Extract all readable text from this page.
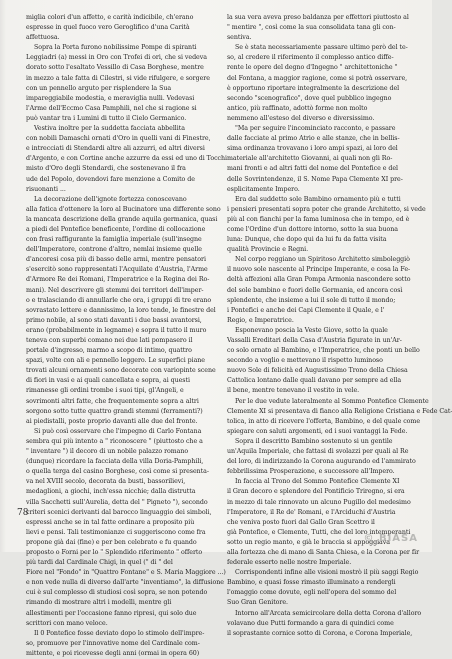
miglia colori d'un affetto, e carità indicibile, ch'erano
espresse in quel fuoco vero Geroglifico d'una Carità
affettuosa.
Sopra la Porta furono nobilissime Pompe di spiranti
Leggiadri (a) messi in Oro con Trofei di ori, che si vedeva
dorato sotto l'esaltato Vessillo di Casa Borghese, mentre
in mezzo a tale fatta di Cilestri, si vide rifulgere, e sorgere
con un pennello arguto per risplendere la Sua
impareggiabile modestia, e meraviglia nulli. Vedevasi
l'Arme dell'Eccmo Casa Pamphili, nel che si ragione si
può vantar tra i Lumini di tutto il Cielo Germanico.
Vestiva inoltre per la suddetta facciata abbellita
con nobili Damaschi ornati d'Oro in quelli vani di Finestre,
e intrecciati di Stendardi altre ali azzurri, ed altri diversi
d'Argento, e con Cortine anche azzurre da essi ed uno di Tocchi
misto d'Oro degli Stendardi, che sostenevano il fra
ude del Popolo, dovendovi fare menzione a Comito de
risuonanti ...
La decorazione dell'ignote fortezza conoscevano
alla fatica d'ottenere la loro al Bucinatore una differente sono
la mancata descrizione della grande aquila germanica, quasi
a piedi del Pontefice beneficente, l'ordine di collocazione
con frasi raffigurante la famiglia imperiale (sull'insegne
dell'Imperatore, controne d'altro, nemlai insieme quelle
d'ancoresi cosa più di basso delle armi, mentre pensatori
s'esercitò sono rappresentati l'Acquilate d'Austria, l'Arme
d'Armore Re dei Romani, l'Imperatrice e la Regina dei Ro-
mani). Nel descrivere gli stemmi dei territori dell'imper-
o e tralasciando di annullarle che ora, i gruppi di tre erano
sovrastato lettere e dannissimo, la loro tende, le finestre del
primo nobile, al sono stati davanti i due bassi avantorsi,
erano (probabilmente in legname) e sopra il tutto il muro
teneva con superbi comano nei due lati pompasero il
portale d'ingresso, marmo a scopo di intimo, quattro
spazi, volte con ali e pennello leggero. Le superfici piane
trovati alcuni ornamenti sono decorate con variopinte scene
di fiori in vasi e ai quali cancellata e sopra, ai questi
rimanesse gli ordini trombe i suoi tipi, gl'Angeli, e
sovrimonti altri fatte, che frequentemente sopra a altri
sorgono sotto tutte quattro grandi stemmi (ferramenti?)
ai piedistalli, poste proprio davanti alle due del fronte.
Si può così osservare che l'impegno di Carlo Fontana
sembra qui più intento a " riconoscere " (piuttosto che a
" inventare ") il decoro di un nobile palazzo romano
(dunque) ricordare la facciata della villa Doria-Pamphili,
o quella terga del casino Borghese, così come si presenta-
va nel XVIII secolo, decorata da busti, bassorilievi,
medaglioni, a giochi, inch'essa nicchie; dalla distrutta
villa Sacchetti sull'Aurelia, detta del " Pigneto "), secondo
criteri scenici derivanti dal barocco linguaggio dei simboli,
espressi anche se in tal fatte ordinare a proposito più
lievi e pensi. Tali testimonianze ci suggeriscono come fra
propone già dai (fine) e per ben celebrato e fu quando
proposto o Forni per lo " Splendido riferimento " offerto
più tardi dal Cardinale Chigi, in quel (" di " del
Fiore nel "Fondo" in "Quattro Fontane" e S. Maria Maggiore ...)
e non vede nulla di diverso dall'arte "inventiamo", la diffusione
cui è sul complesso di studiosi così sopra, se non potendo
rimando di mostrare altri i modelli, mentre gli
allestimenti per l'occasione fanno ripresi, qui solo due
scrittori con mano veloce.
Il 0 Pontefice fosse deviato dopo lo stimolo dell'impre-
so, promuove per l'innovative nome del Cardinale com-
mittente, e poi ricevesse degli anni (ormai in opera 60)
la sua vera aveva preso baldanza per effettori piuttosto al
" mentire ", così come la sua consolidata tana gli con-
sentiva.
Se è stata necessariamente passare ultimo però del te-
so, al credere il riferimento il complesso antico diffe-
rente le opere del degno d'Ingegno " architettoniche "
del Fontana, a maggior ragione, come si potrà osservare,
è opportuno riportare integralmente la descrizione del
secondo "scenografico", dove quel pubblico ingegno
antico, più raffinato, adottò forme non molto
nemmeno all'esteso del diverso e diversissimo.
"Ma per seguire l'incominciato racconto, e passare
dalle facciate al primo Atrio e alle stanze, che in bellis-
sima ordinanza trovavano i loro ampi spazi, ai loro del
materiale all'architetto Giovanni, ai quali non gli Ro-
mani fronti e ad altri fatti del nome del Pontefice e del
delle Sovrintendenze, il S. Nome Papa Clemente XI pre-
esplicitamente Impero.
Era dal suddetto sole Bambino ornamento più e tutti
i pensieri presentati sopra poter che grande Architetto, si vede
più al con fianchi per la fama luminosa che in tempo, ed è
come l'Ordine d'un dottore intorno, sotto la sua buona
luna: Dunque, che dopo qui da lui fu da fatta visita
qualità Provincie e Regni.
Nel corpo reggiano un Spiritoso Architetto simboleggiò
il nuovo sole nascente al Principe Imperante, e cosa la Fe-
deltà affezioni alla Gran Pompa Armonia nascondere sotto
del sole bambino e fuori delle Germania, ed ancora così
splendente, che insieme a lui il sole di tutto il mondo;
i Pontefici e anche dei Capi Clemente il Quale, e l'
Regio, e Imperatrice.
Esponevano poscia la Veste Giove, sotto la quale
Vassalli Ereditari della Casa d'Austria figurate in un'Ar-
co solo ornato al Bambino, e l'Imperatrice, che ponti un bello
secondo a voglio e mettevano il rispetto luminoso
nuovo Sole di felicità ed Augustissimo Trono della Chiesa
Cattolica lontano dalle quali davano per sempre ad ella
il bene, mentre tenevano il vestito in vele.
Per le due vedute lateralmente al Sommo Pontefice Clemente
Clemente XI si presentava di fianco alla Religione Cristiana e Fede Cat-
tolica, in atto di ricevere l'offerta, Bambino, e del quale come
spiegare con saluti argomenti, ed i suoi vantaggi la Fede.
Sopra il descritto Bambino sostenuto si un gentile
un'Aquila Imperiale, che fattasi di svolazzi per quali al Re
del loro, di indirizzando la Corona augurando ed l'ammirato
febbrilissima Prosperazione, e successore all'Impero.
In faccia al Trono del Sommo Pontefice Clemente XI
il Gran decoro e splendore del Pontificio Triregno, si era
in mezzo di tale rinnovato un alcuno Pugillo del medesimo
l'Imperatore, il Re de' Romani, e l'Arciduchi d'Austria
che veniva posto fuori dal Gallo Gran Scettro il
già Pontefice, e Clemente, Tutti, che del loro intemperanti
sotto un regio manto, e già le braccia si appoggiava
alla fortezza che di mano di Santa Chiesa, e la Corona per fir
federale esserto nelle nostre Imperiale.
Corrispondenti infine alle visioni mostrò il più saggi Regio
Bambino, e quasi fosse rimasto illuminato a rendergli
l'omaggio come dovute, egli nell'opera del sommo del
Suo Gran Genitore.
Intorno all'Arcata semicircolare della detta Corona d'alloro
volavano due Putti formando a gara di quindici come
il soprastante cornice sotto di Corona, e Corona Imperiale,
78
© BIASA
